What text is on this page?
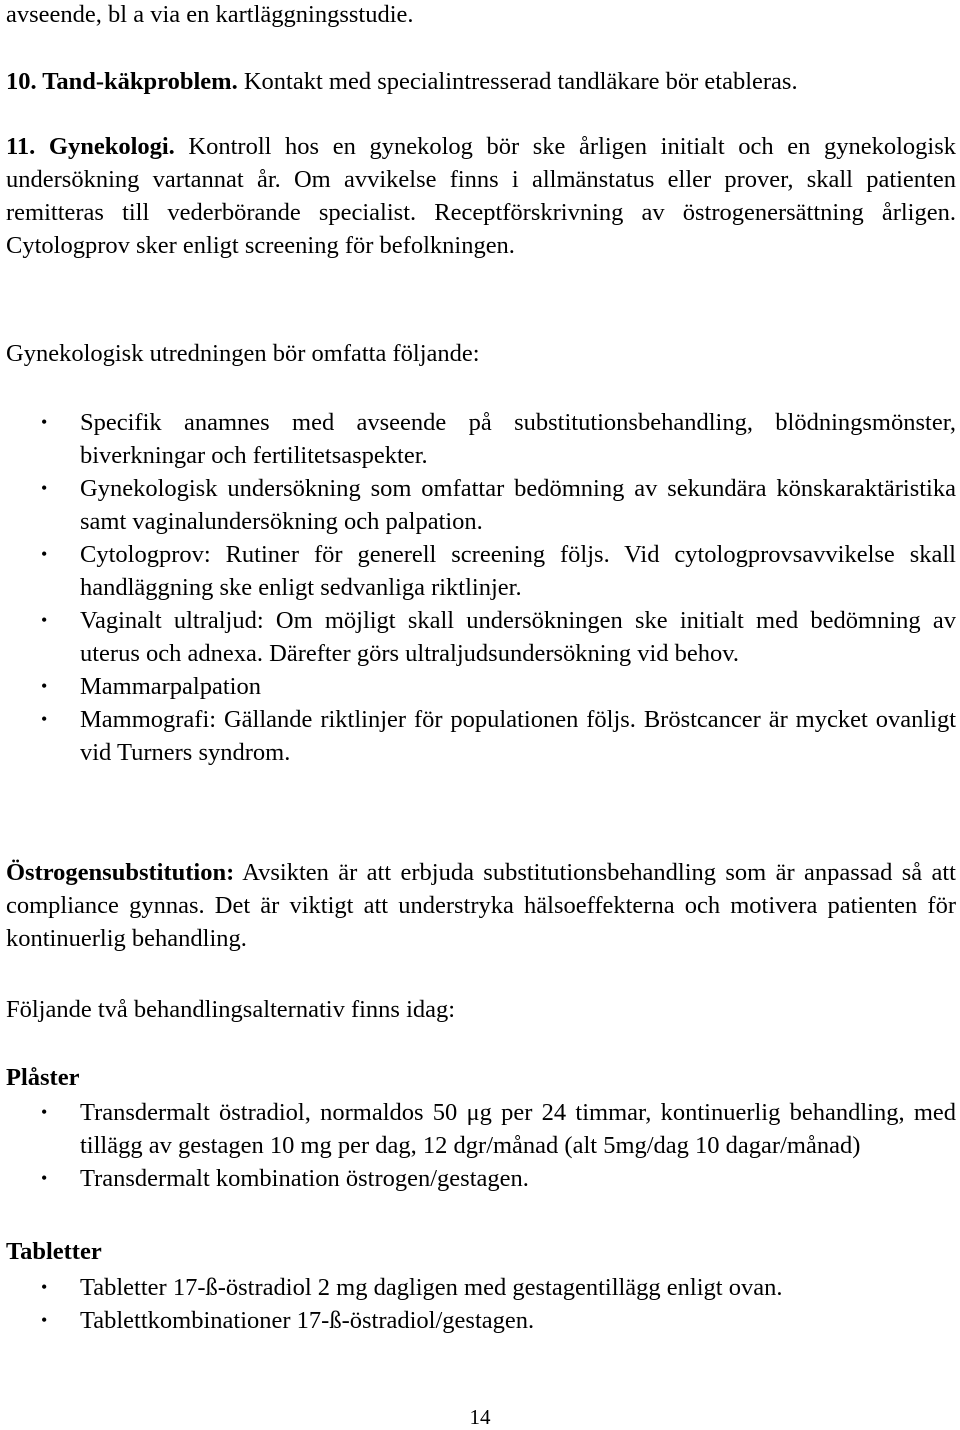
avseende, bl a via en kartläggningsstudie.
10. Tand-käkproblem. Kontakt med specialintresserad tandläkare bör etableras.
11. Gynekologi. Kontroll hos en gynekolog bör ske årligen initialt och en gynekologisk undersökning vartannat år. Om avvikelse finns i allmänstatus eller prover, skall patienten remitteras till vederbörande specialist. Receptförskrivning av östrogenersättning årligen. Cytologprov sker enligt screening för befolkningen.
Gynekologisk utredningen bör omfatta följande:
• Specifik anamnes med avseende på substitutionsbehandling, blödningsmönster, biverkningar och fertilitetsaspekter.
• Gynekologisk undersökning som omfattar bedömning av sekundära könskaraktäristika samt vaginalundersökning och palpation.
• Cytologprov: Rutiner för generell screening följs. Vid cytologprovsavvikelse skall handläggning ske enligt sedvanliga riktlinjer.
• Vaginalt ultraljud: Om möjligt skall undersökningen ske initialt med bedömning av uterus och adnexa. Därefter görs ultraljudsundersökning vid behov.
• Mammarpalpation
• Mammografi: Gällande riktlinjer för populationen följs. Bröstcancer är mycket ovanligt vid Turners syndrom.
Östrogensubstitution: Avsikten är att erbjuda substitutionsbehandling som är anpassad så att compliance gynnas. Det är viktigt att understryka hälsoeffekterna och motivera patienten för kontinuerlig behandling.
Följande två behandlingsalternativ finns idag:
Plåster
• Transdermalt östradiol, normaldos 50 μg per 24 timmar, kontinuerlig behandling, med tillägg av gestagen 10 mg per dag, 12 dgr/månad (alt 5mg/dag 10 dagar/månad)
• Transdermalt kombination östrogen/gestagen.
Tabletter
• Tabletter 17-ß-östradiol 2 mg dagligen med gestagentillägg enligt ovan.
• Tablettkombinationer 17-ß-östradiol/gestagen.
14
